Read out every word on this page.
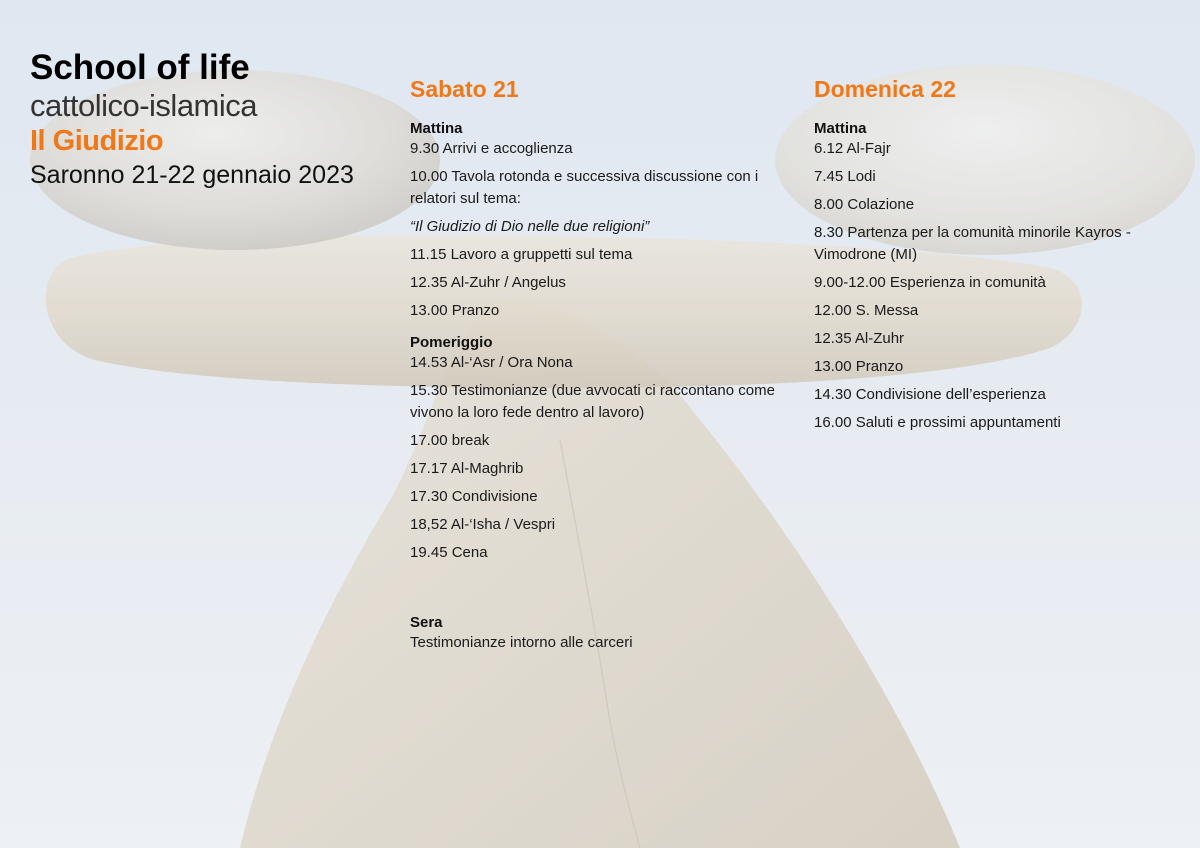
School of life
cattolico-islamica
Il Giudizio
Saronno 21-22 gennaio 2023
Sabato 21
Mattina
9.30 Arrivi e accoglienza
10.00 Tavola rotonda e successiva discussione con i relatori sul tema:
“Il Giudizio di Dio nelle due religioni”
11.15 Lavoro a gruppetti sul tema
12.35 Al-Zuhr / Angelus
13.00 Pranzo
Pomeriggio
14.53 Al-‘Asr / Ora Nona
15.30 Testimonianze (due avvocati ci raccontano come vivono la loro fede dentro al lavoro)
17.00 break
17.17 Al-Maghrib
17.30 Condivisione
18,52 Al-‘Isha / Vespri
19.45 Cena
Sera
Testimonianze intorno alle carceri
Domenica 22
Mattina
6.12 Al-Fajr
7.45 Lodi
8.00 Colazione
8.30 Partenza per la comunità minorile Kayros - Vimodrone (MI)
9.00-12.00 Esperienza in comunità
12.00 S. Messa
12.35 Al-Zuhr
13.00 Pranzo
14.30 Condivisione dell’esperienza
16.00 Saluti e prossimi appuntamenti
